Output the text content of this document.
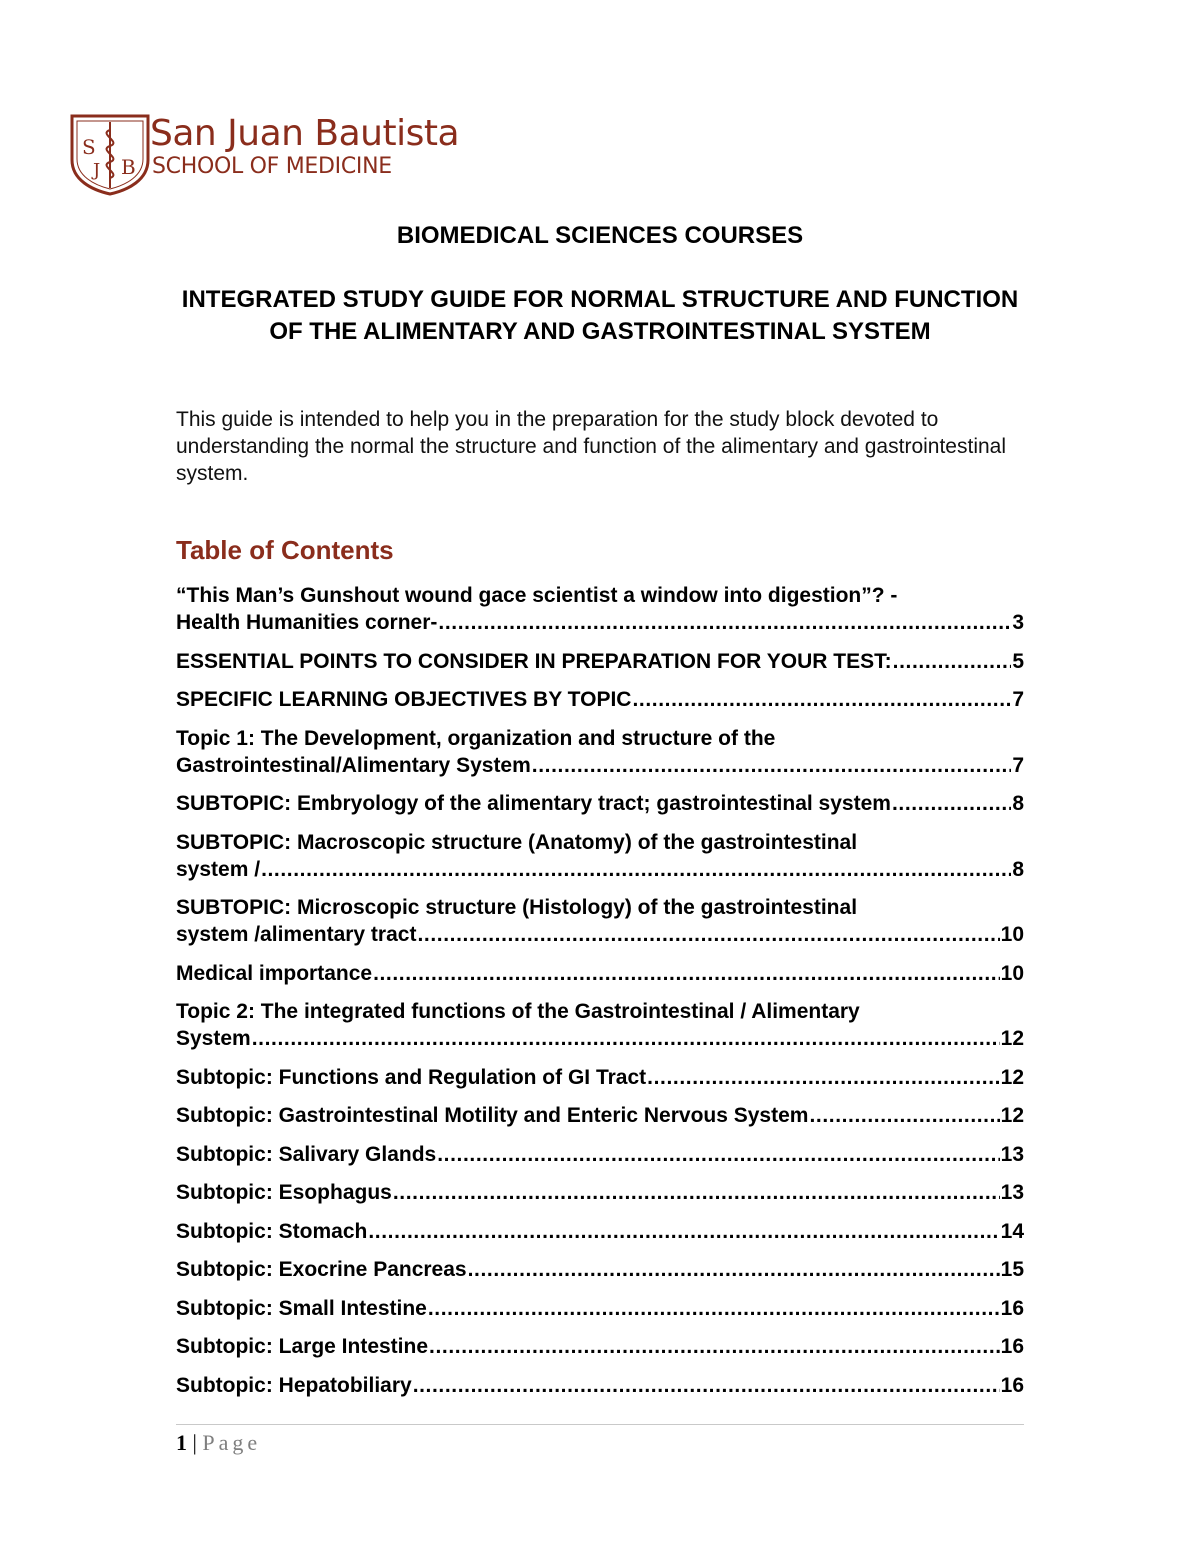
S
J B
San Juan Bautista
SCHOOL OF MEDICINE
BIOMEDICAL SCIENCES COURSES
INTEGRATED STUDY GUIDE FOR NORMAL STRUCTURE AND FUNCTION OF THE ALIMENTARY AND GASTROINTESTINAL SYSTEM
This guide is intended to help you in the preparation for the study block devoted to understanding the normal the structure and function of the alimentary and gastrointestinal system.
Table of Contents
“This Man’s Gunshout wound gace scientist a window into digestion”? -
Health Humanities corner- .....	3
ESSENTIAL POINTS TO CONSIDER IN PREPARATION FOR YOUR TEST: .....	5
SPECIFIC LEARNING OBJECTIVES BY TOPIC .....	7
Topic 1: The Development, organization and structure of the
Gastrointestinal/Alimentary System .....	7
SUBTOPIC: Embryology of the alimentary tract; gastrointestinal system .....	8
SUBTOPIC: Macroscopic structure (Anatomy) of the gastrointestinal
system / .....	8
SUBTOPIC: Microscopic structure (Histology) of the gastrointestinal
system /alimentary tract .....	10
Medical importance .....	10
Topic 2: The integrated functions of the Gastrointestinal / Alimentary
System .....	12
Subtopic: Functions and Regulation of GI Tract .....	12
Subtopic: Gastrointestinal Motility and Enteric Nervous System .....	12
Subtopic: Salivary Glands .....	13
Subtopic: Esophagus .....	13
Subtopic: Stomach .....	14
Subtopic: Exocrine Pancreas .....	15
Subtopic: Small Intestine .....	16
Subtopic: Large Intestine .....	16
Subtopic: Hepatobiliary .....	16
1 | Page
